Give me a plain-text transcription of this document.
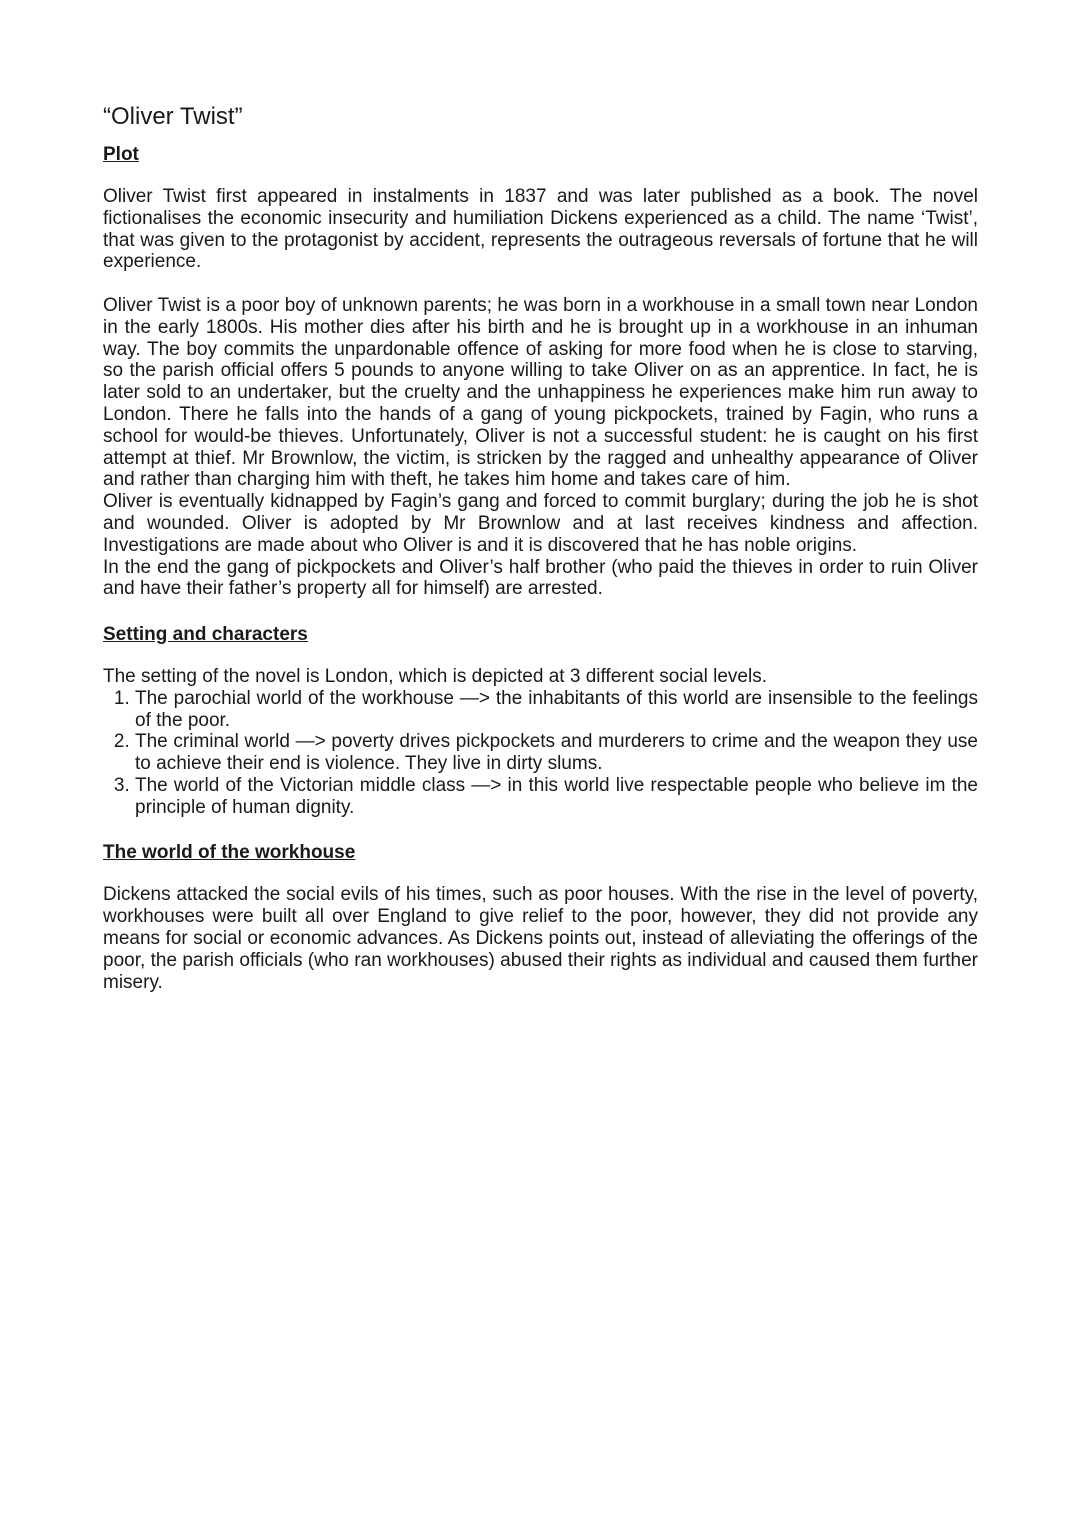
“Oliver Twist”
Plot

Oliver Twist first appeared in instalments in 1837 and was later published as a book. The novel fictionalises the economic insecurity and humiliation Dickens experienced as a child. The name ‘Twist’, that was given to the protagonist by accident, represents the outrageous reversals of fortune that he will experience.

Oliver Twist is a poor boy of unknown parents; he was born in a workhouse in a small town near London in the early 1800s. His mother dies after his birth and he is brought up in a workhouse in an inhuman way. The boy commits the unpardonable offence of asking for more food when he is close to starving, so the parish official offers 5 pounds to anyone willing to take Oliver on as an apprentice. In fact, he is later sold to an undertaker, but the cruelty and the unhappiness he experiences make him run away to London. There he falls into the hands of a gang of young pickpockets, trained by Fagin, who runs a school for would-be thieves. Unfortunately, Oliver is not a successful student: he is caught on his first attempt at thief. Mr Brownlow, the victim, is stricken by the ragged and unhealthy appearance of Oliver and rather than charging him with theft, he takes him home and takes care of him.

Oliver is eventually kidnapped by Fagin’s gang and forced to commit burglary; during the job he is shot and wounded. Oliver is adopted by Mr Brownlow and at last receives kindness and affection. Investigations are made about who Oliver is and it is discovered that he has noble origins.

In the end the gang of pickpockets and Oliver’s half brother (who paid the thieves in order to ruin Oliver and have their father’s property all for himself) are arrested.

Setting and characters

The setting of the novel is London, which is depicted at 3 different social levels.

1. The parochial world of the workhouse —> the inhabitants of this world are insensible to the feelings of the poor.
2. The criminal world —> poverty drives pickpockets and murderers to crime and the weapon they use to achieve their end is violence. They live in dirty slums.
3. The world of the Victorian middle class —> in this world live respectable people who believe im the principle of human dignity.
The world of the workhouse

Dickens attacked the social evils of his times, such as poor houses. With the rise in the level of poverty, workhouses were built all over England to give relief to the poor, however, they did not provide any means for social or economic advances. As Dickens points out, instead of alleviating the offerings of the poor, the parish officials (who ran workhouses) abused their rights as individual and caused them further misery.
